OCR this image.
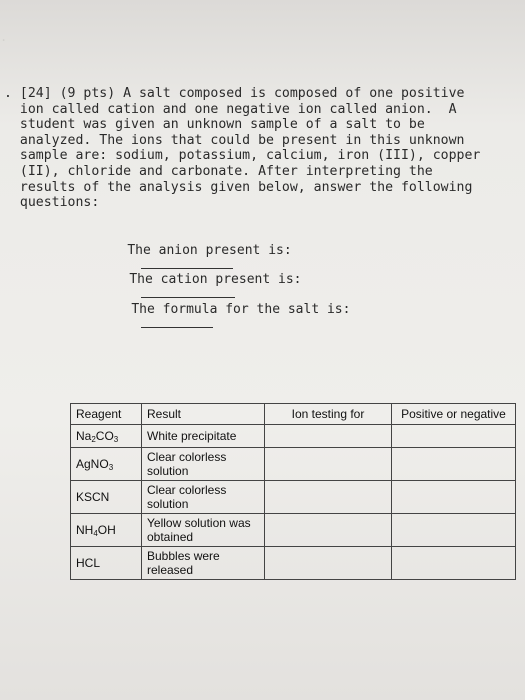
.
. [24] (9 pts) A salt composed is composed of one positive
ion called cation and one negative ion called anion.  A
student was given an unknown sample of a salt to be
analyzed. The ions that could be present in this unknown
sample are: sodium, potassium, calcium, iron (III), copper
(II), chloride and carbonate. After interpreting the
results of the analysis given below, answer the following
questions:

The anion present is:

The cation present is:

The formula for the salt is:

Reagent	Result	Ion testing for	Positive or negative
$Na_2CO_3$	White precipitate		
AgNO$_3$	Clear colorless solution		
KSCN	Clear colorless solution		
$NH_4OH$	Yellow solution was obtained		
HCL	Bubbles were released		
